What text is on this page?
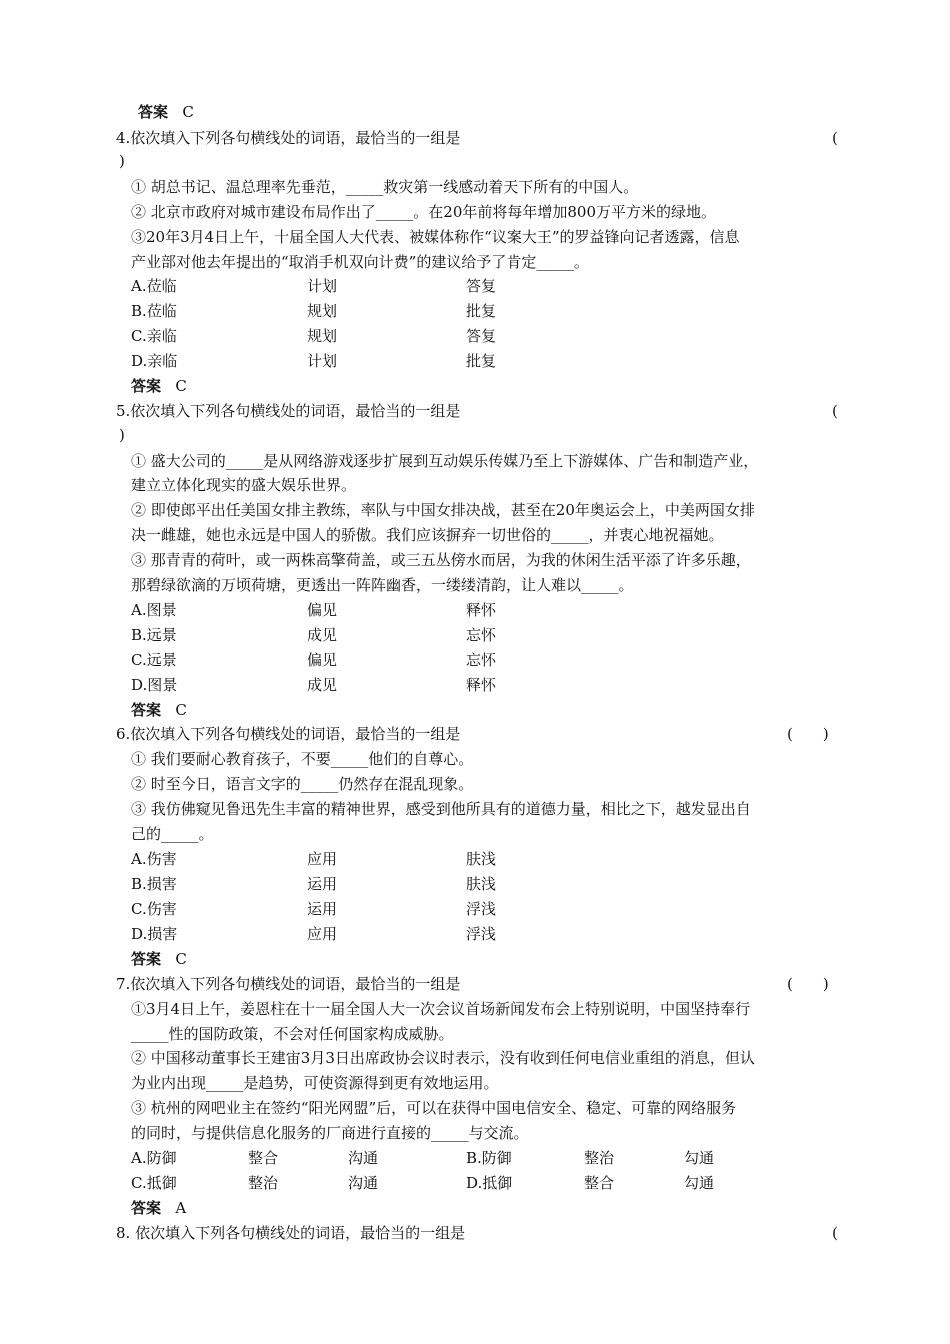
答案 C
4.依次填入下列各句横线处的词语，最恰当的一组是	(
)
① 胡总书记、温总理率先垂范，_____救灾第一线感动着天下所有的中国人。
② 北京市政府对城市建设布局作出了_____。在20年前将每年增加800万平方米的绿地。
③20年3月4日上午，十届全国人大代表、被媒体称作“议案大王”的罗益锋向记者透露，信息
产业部对他去年提出的“取消手机双向计费”的建议给予了肯定_____。
A.莅临	计划	答复
B.莅临	规划	批复
C.亲临	规划	答复
D.亲临	计划	批复
答案 C
5.依次填入下列各句横线处的词语，最恰当的一组是	(
)
① 盛大公司的_____是从网络游戏逐步扩展到互动娱乐传媒乃至上下游媒体、广告和制造产业，
建立立体化现实的盛大娱乐世界。
② 即使郎平出任美国女排主教练，率队与中国女排决战，甚至在20年奥运会上，中美两国女排
决一雌雄，她也永远是中国人的骄傲。我们应该摒弃一切世俗的_____，并衷心地祝福她。
③ 那青青的荷叶，或一两株高擎荷盖，或三五丛傍水而居，为我的休闲生活平添了许多乐趣，
那碧绿欲滴的万顷荷塘，更透出一阵阵幽香，一缕缕清韵，让人难以_____。
A.图景	偏见	释怀
B.远景	成见	忘怀
C.远景	偏见	忘怀
D.图景	成见	释怀
答案 C
6.依次填入下列各句横线处的词语，最恰当的一组是	(　　)
① 我们要耐心教育孩子，不要_____他们的自尊心。
② 时至今日，语言文字的_____仍然存在混乱现象。
③ 我仿佛窥见鲁迅先生丰富的精神世界，感受到他所具有的道德力量，相比之下，越发显出自
己的_____。
A.伤害	应用	肤浅
B.损害	运用	肤浅
C.伤害	运用	浮浅
D.损害	应用	浮浅
答案 C
7.依次填入下列各句横线处的词语，最恰当的一组是	(　　)
①3月4日上午，姜恩柱在十一届全国人大一次会议首场新闻发布会上特别说明，中国坚持奉行
_____性的国防政策，不会对任何国家构成威胁。
② 中国移动董事长王建宙3月3日出席政协会议时表示，没有收到任何电信业重组的消息，但认
为业内出现_____是趋势，可使资源得到更有效地运用。
③ 杭州的网吧业主在签约“阳光网盟”后，可以在获得中国电信安全、稳定、可靠的网络服务
的同时，与提供信息化服务的厂商进行直接的_____与交流。
A.防御	整合	沟通	B.防御	整治	勾通
C.抵御	整治	沟通	D.抵御	整合	勾通
答案 A
8. 依次填入下列各句横线处的词语，最恰当的一组是	(
